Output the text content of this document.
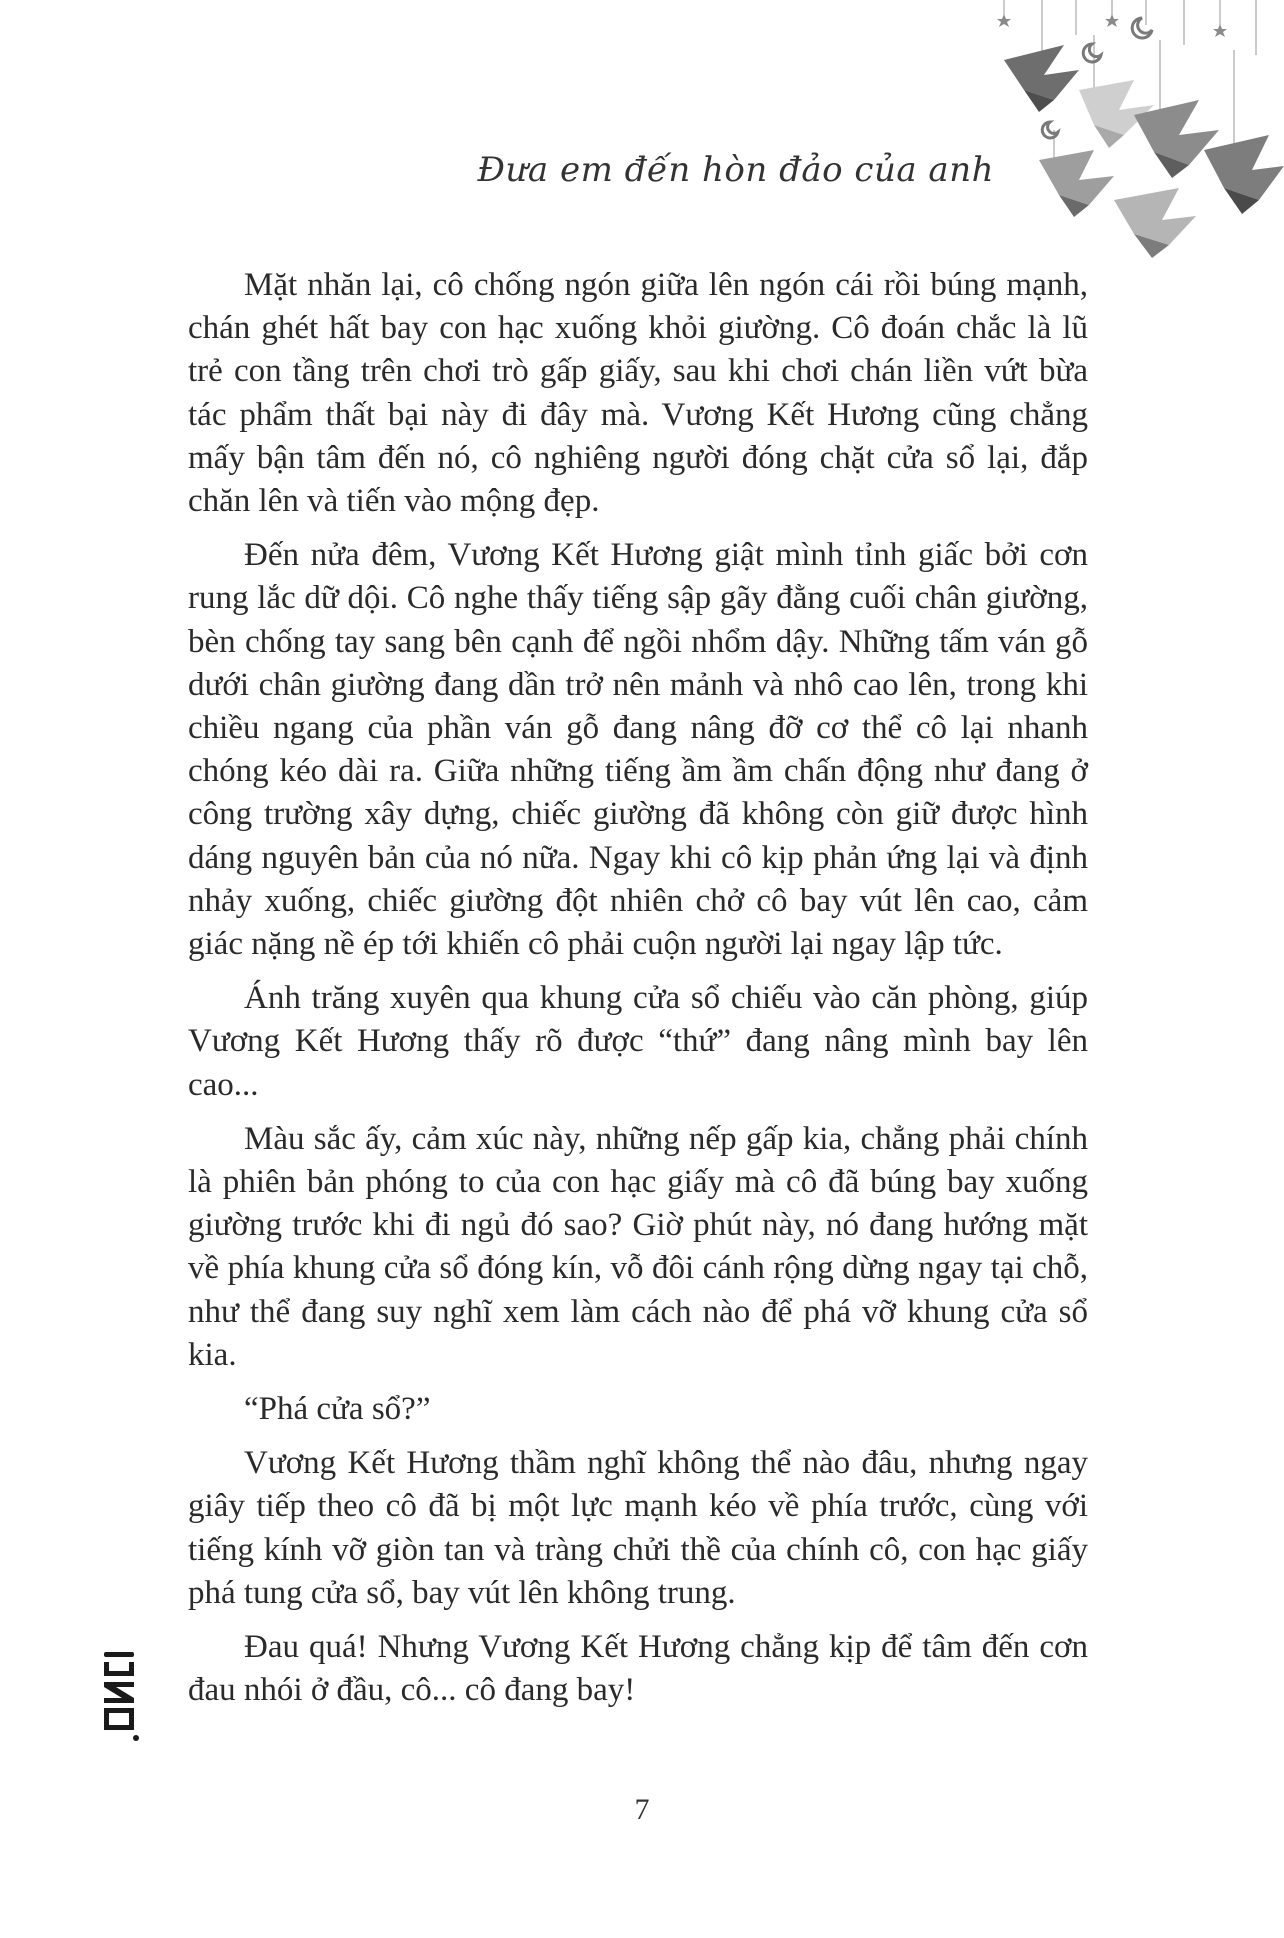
Đưa em đến hòn đảo của anh

Mặt nhăn lại, cô chống ngón giữa lên ngón cái rồi búng mạnh, chán ghét hất bay con hạc xuống khỏi giường. Cô đoán chắc là lũ trẻ con tầng trên chơi trò gấp giấy, sau khi chơi chán liền vứt bừa tác phẩm thất bại này đi đây mà. Vương Kết Hương cũng chẳng mấy bận tâm đến nó, cô nghiêng người đóng chặt cửa sổ lại, đắp chăn lên và tiến vào mộng đẹp.

Đến nửa đêm, Vương Kết Hương giật mình tỉnh giấc bởi cơn rung lắc dữ dội. Cô nghe thấy tiếng sập gãy đằng cuối chân giường, bèn chống tay sang bên cạnh để ngồi nhổm dậy. Những tấm ván gỗ dưới chân giường đang dần trở nên mảnh và nhô cao lên, trong khi chiều ngang của phần ván gỗ đang nâng đỡ cơ thể cô lại nhanh chóng kéo dài ra. Giữa những tiếng ầm ầm chấn động như đang ở công trường xây dựng, chiếc giường đã không còn giữ được hình dáng nguyên bản của nó nữa. Ngay khi cô kịp phản ứng lại và định nhảy xuống, chiếc giường đột nhiên chở cô bay vút lên cao, cảm giác nặng nề ép tới khiến cô phải cuộn người lại ngay lập tức.

Ánh trăng xuyên qua khung cửa sổ chiếu vào căn phòng, giúp Vương Kết Hương thấy rõ được “thứ” đang nâng mình bay lên cao...

Màu sắc ấy, cảm xúc này, những nếp gấp kia, chẳng phải chính là phiên bản phóng to của con hạc giấy mà cô đã búng bay xuống giường trước khi đi ngủ đó sao? Giờ phút này, nó đang hướng mặt về phía khung cửa sổ đóng kín, vỗ đôi cánh rộng dừng ngay tại chỗ, như thể đang suy nghĩ xem làm cách nào để phá vỡ khung cửa sổ kia.

“Phá cửa sổ?”

Vương Kết Hương thầm nghĩ không thể nào đâu, nhưng ngay giây tiếp theo cô đã bị một lực mạnh kéo về phía trước, cùng với tiếng kính vỡ giòn tan và tràng chửi thề của chính cô, con hạc giấy phá tung cửa sổ, bay vút lên không trung.

Đau quá! Nhưng Vương Kết Hương chẳng kịp để tâm đến cơn đau nhói ở đầu, cô... cô đang bay!

7
